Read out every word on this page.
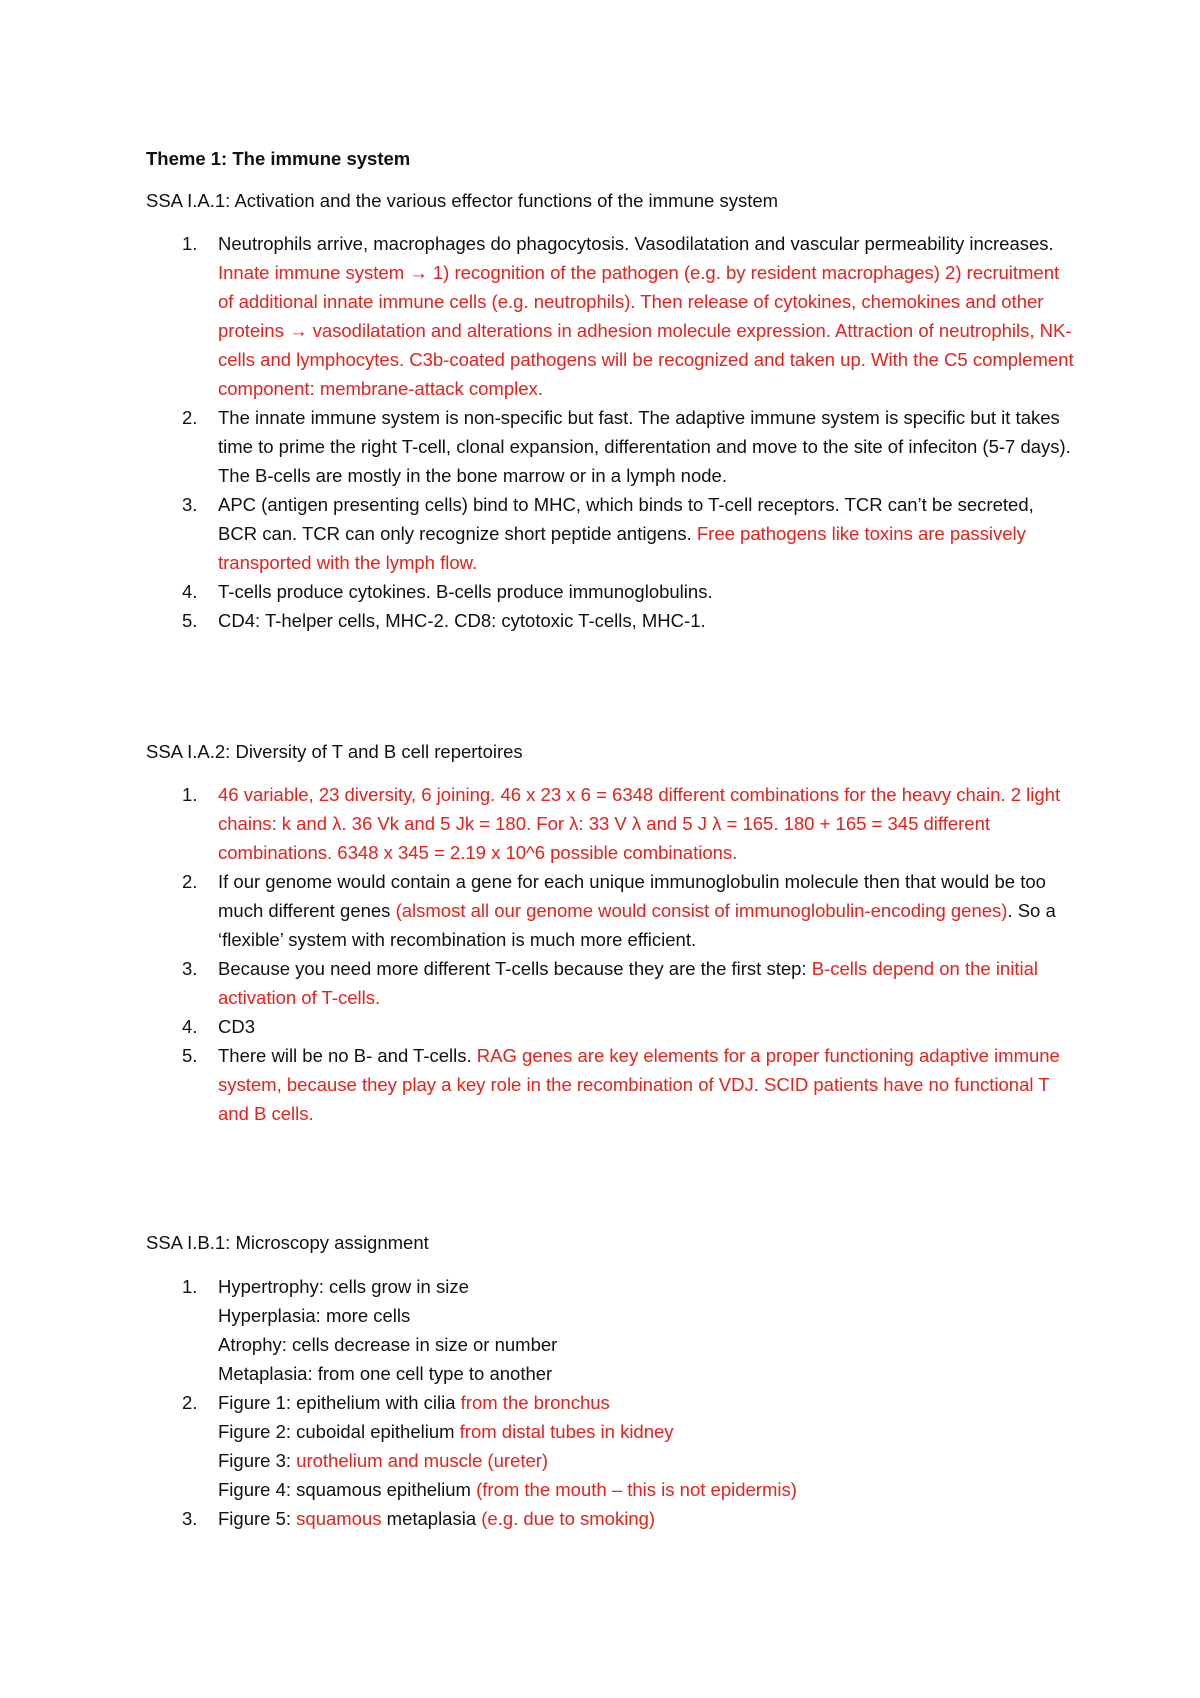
Theme 1: The immune system
SSA I.A.1: Activation and the various effector functions of the immune system
1. Neutrophils arrive, macrophages do phagocytosis. Vasodilatation and vascular permeability increases. Innate immune system → 1) recognition of the pathogen (e.g. by resident macrophages) 2) recruitment of additional innate immune cells (e.g. neutrophils). Then release of cytokines, chemokines and other proteins → vasodilatation and alterations in adhesion molecule expression. Attraction of neutrophils, NK-cells and lymphocytes. C3b-coated pathogens will be recognized and taken up. With the C5 complement component: membrane-attack complex.
2. The innate immune system is non-specific but fast. The adaptive immune system is specific but it takes time to prime the right T-cell, clonal expansion, differentation and move to the site of infeciton (5-7 days). The B-cells are mostly in the bone marrow or in a lymph node.
3. APC (antigen presenting cells) bind to MHC, which binds to T-cell receptors. TCR can’t be secreted, BCR can. TCR can only recognize short peptide antigens. Free pathogens like toxins are passively transported with the lymph flow.
4. T-cells produce cytokines. B-cells produce immunoglobulins.
5. CD4: T-helper cells, MHC-2. CD8: cytotoxic T-cells, MHC-1.
SSA I.A.2: Diversity of T and B cell repertoires
1. 46 variable, 23 diversity, 6 joining. 46 x 23 x 6 = 6348 different combinations for the heavy chain. 2 light chains: k and λ. 36 Vk and 5 Jk = 180. For λ: 33 V λ and 5 J λ = 165. 180 + 165 = 345 different combinations. 6348 x 345 = 2.19 x 10^6 possible combinations.
2. If our genome would contain a gene for each unique immunoglobulin molecule then that would be too much different genes (alsmost all our genome would consist of immunoglobulin-encoding genes). So a ‘flexible’ system with recombination is much more efficient.
3. Because you need more different T-cells because they are the first step: B-cells depend on the initial activation of T-cells.
4. CD3
5. There will be no B- and T-cells. RAG genes are key elements for a proper functioning adaptive immune system, because they play a key role in the recombination of VDJ. SCID patients have no functional T and B cells.
SSA I.B.1: Microscopy assignment
1. Hypertrophy: cells grow in size
Hyperplasia: more cells
Atrophy: cells decrease in size or number
Metaplasia: from one cell type to another
2. Figure 1: epithelium with cilia from the bronchus
Figure 2: cuboidal epithelium from distal tubes in kidney
Figure 3: urothelium and muscle (ureter)
Figure 4: squamous epithelium (from the mouth – this is not epidermis)
3. Figure 5: squamous metaplasia (e.g. due to smoking)
